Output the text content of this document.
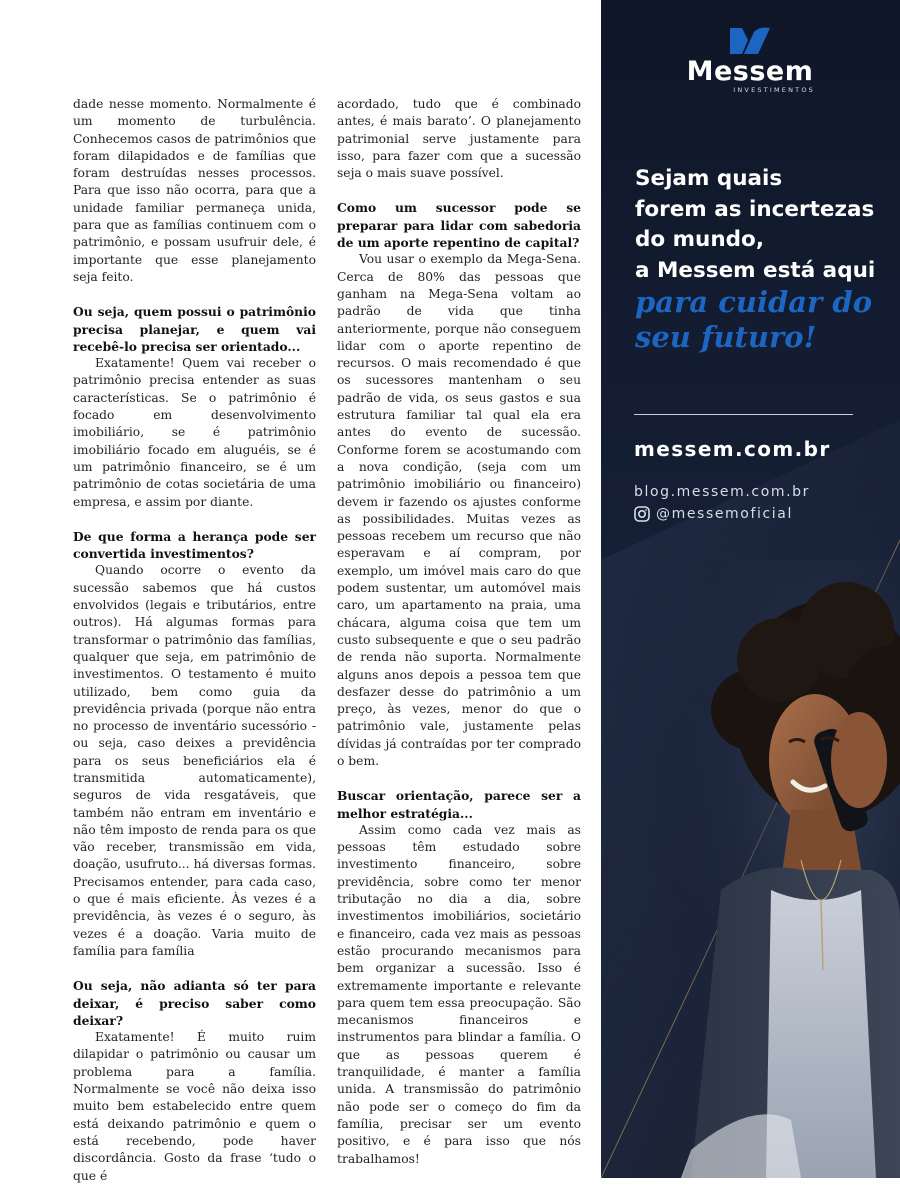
dade nesse momento. Normalmente é um momento de turbulência. Conhecemos casos de patrimônios que foram dilapidados e de famílias que foram destruídas nesses processos. Para que isso não ocorra, para que a unidade familiar permaneça unida, para que as famílias continuem com o patrimônio, e possam usufruir dele, é importante que esse planejamento seja feito.

Ou seja, quem possui o patrimônio precisa planejar, e quem vai recebê-lo precisa ser orientado...

Exatamente! Quem vai receber o patrimônio precisa entender as suas características. Se o patrimônio é focado em desenvolvimento imobiliário, se é patrimônio imobiliário focado em aluguéis, se é um patrimônio financeiro, se é um patrimônio de cotas societária de uma empresa, e assim por diante.

De que forma a herança pode ser convertida investimentos?

Quando ocorre o evento da sucessão sabemos que há custos envolvidos (legais e tributários, entre outros). Há algumas formas para transformar o patrimônio das famílias, qualquer que seja, em patrimônio de investimentos. O testamento é muito utilizado, bem como guia da previdência privada (porque não entra no processo de inventário sucessório - ou seja, caso deixes a previdência para os seus beneficiários ela é transmitida automaticamente), seguros de vida resgatáveis, que também não entram em inventário e não têm imposto de renda para os que vão receber, transmissão em vida, doação, usufruto... há diversas formas. Precisamos entender, para cada caso, o que é mais eficiente. Às vezes é a previdência, às vezes é o seguro, às vezes é a doação. Varia muito de família para família

Ou seja, não adianta só ter para deixar, é preciso saber como deixar?

Exatamente! É muito ruim dilapidar o patrimônio ou causar um problema para a família. Normalmente se você não deixa isso muito bem estabelecido entre quem está deixando patrimônio e quem o está recebendo, pode haver discordância. Gosto da frase ‘tudo o que é

acordado, tudo que é combinado antes, é mais barato’. O planejamento patrimonial serve justamente para isso, para fazer com que a sucessão seja o mais suave possível.

Como um sucessor pode se preparar para lidar com sabedoria de um aporte repentino de capital?

Vou usar o exemplo da Mega-Sena. Cerca de 80% das pessoas que ganham na Mega-Sena voltam ao padrão de vida que tinha anteriormente, porque não conseguem lidar com o aporte repentino de recursos. O mais recomendado é que os sucessores mantenham o seu padrão de vida, os seus gastos e sua estrutura familiar tal qual ela era antes do evento de sucessão. Conforme forem se acostumando com a nova condição, (seja com um patrimônio imobiliário ou financeiro) devem ir fazendo os ajustes conforme as possibilidades. Muitas vezes as pessoas recebem um recurso que não esperavam e aí compram, por exemplo, um imóvel mais caro do que podem sustentar, um automóvel mais caro, um apartamento na praia, uma chácara, alguma coisa que tem um custo subsequente e que o seu padrão de renda não suporta. Normalmente alguns anos depois a pessoa tem que desfazer desse do patrimônio a um preço, às vezes, menor do que o patrimônio vale, justamente pelas dívidas já contraídas por ter comprado o bem.

Buscar orientação, parece ser a melhor estratégia...

Assim como cada vez mais as pessoas têm estudado sobre investimento financeiro, sobre previdência, sobre como ter menor tributação no dia a dia, sobre investimentos imobiliários, societário e financeiro, cada vez mais as pessoas estão procurando mecanismos para bem organizar a sucessão. Isso é extremamente importante e relevante para quem tem essa preocupação. São mecanismos financeiros e instrumentos para blindar a família. O que as pessoas querem é tranquilidade, é manter a família unida. A transmissão do patrimônio não pode ser o começo do fim da família, precisar ser um evento positivo, e é para isso que nós trabalhamos!

Messem
INVESTIMENTOS
Sejam quais
forem as incertezas
do mundo,
a Messem está aqui
para cuidar do
seu futuro!
messem.com.br
blog.messem.com.br
@messemoficial
